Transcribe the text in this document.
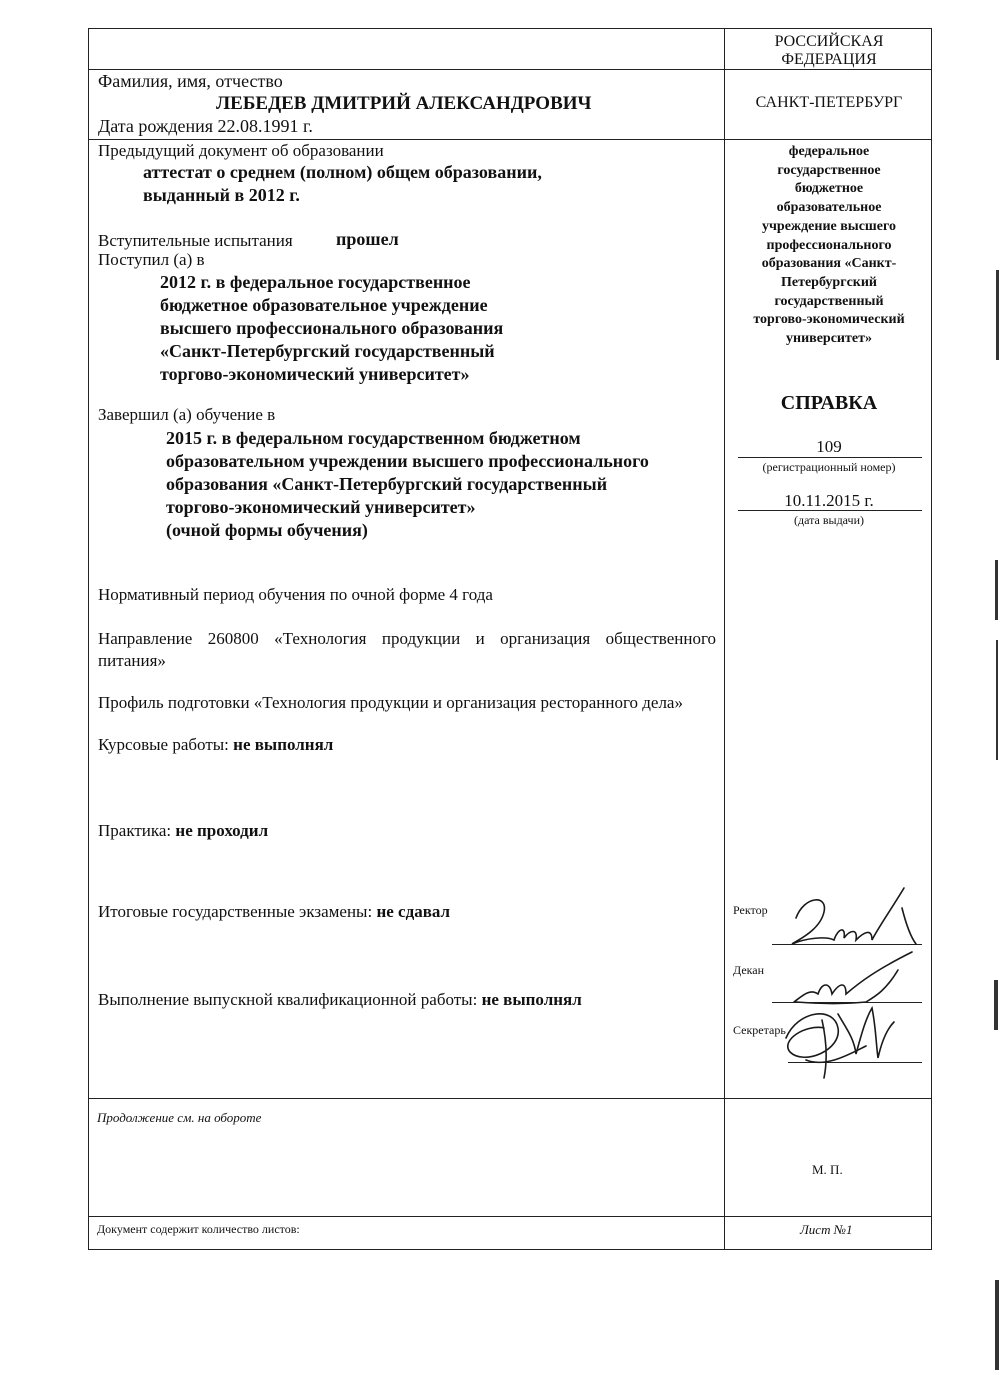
РОССИЙСКАЯ
ФЕДЕРАЦИЯ
САНКТ-ПЕТЕРБУРГ
Фамилия, имя, отчество
ЛЕБЕДЕВ ДМИТРИЙ АЛЕКСАНДРОВИЧ
Дата рождения 22.08.1991 г.
Предыдущий документ об образовании
аттестат о среднем (полном) общем образовании,
выданный в 2012 г.
Вступительные испытания прошел
Поступил (а) в
2012 г. в федеральное государственное
бюджетное образовательное учреждение
высшего профессионального образования
«Санкт-Петербургский государственный
торгово-экономический университет»
Завершил (а) обучение в
2015 г. в федеральном государственном бюджетном
образовательном учреждении высшего профессионального
образования «Санкт-Петербургский государственный
торгово-экономический университет»
(очной формы обучения)
Нормативный период обучения по очной форме 4 года
Направление 260800 «Технология продукции и организация общественного питания»
Профиль подготовки «Технология продукции и организация ресторанного дела»
Курсовые работы: не выполнял
Практика: не проходил
Итоговые государственные экзамены: не сдавал
Выполнение выпускной квалификационной работы: не выполнял
федеральное
государственное
бюджетное
образовательное
учреждение высшего
профессионального
образования «Санкт-
Петербургский
государственный
торгово-экономический
университет»
СПРАВКА
109
(регистрационный номер)
10.11.2015 г.
(дата выдачи)
Ректор
Декан
Секретарь
Продолжение см. на обороте
М. П.
Документ содержит количество листов:	Лист №1
